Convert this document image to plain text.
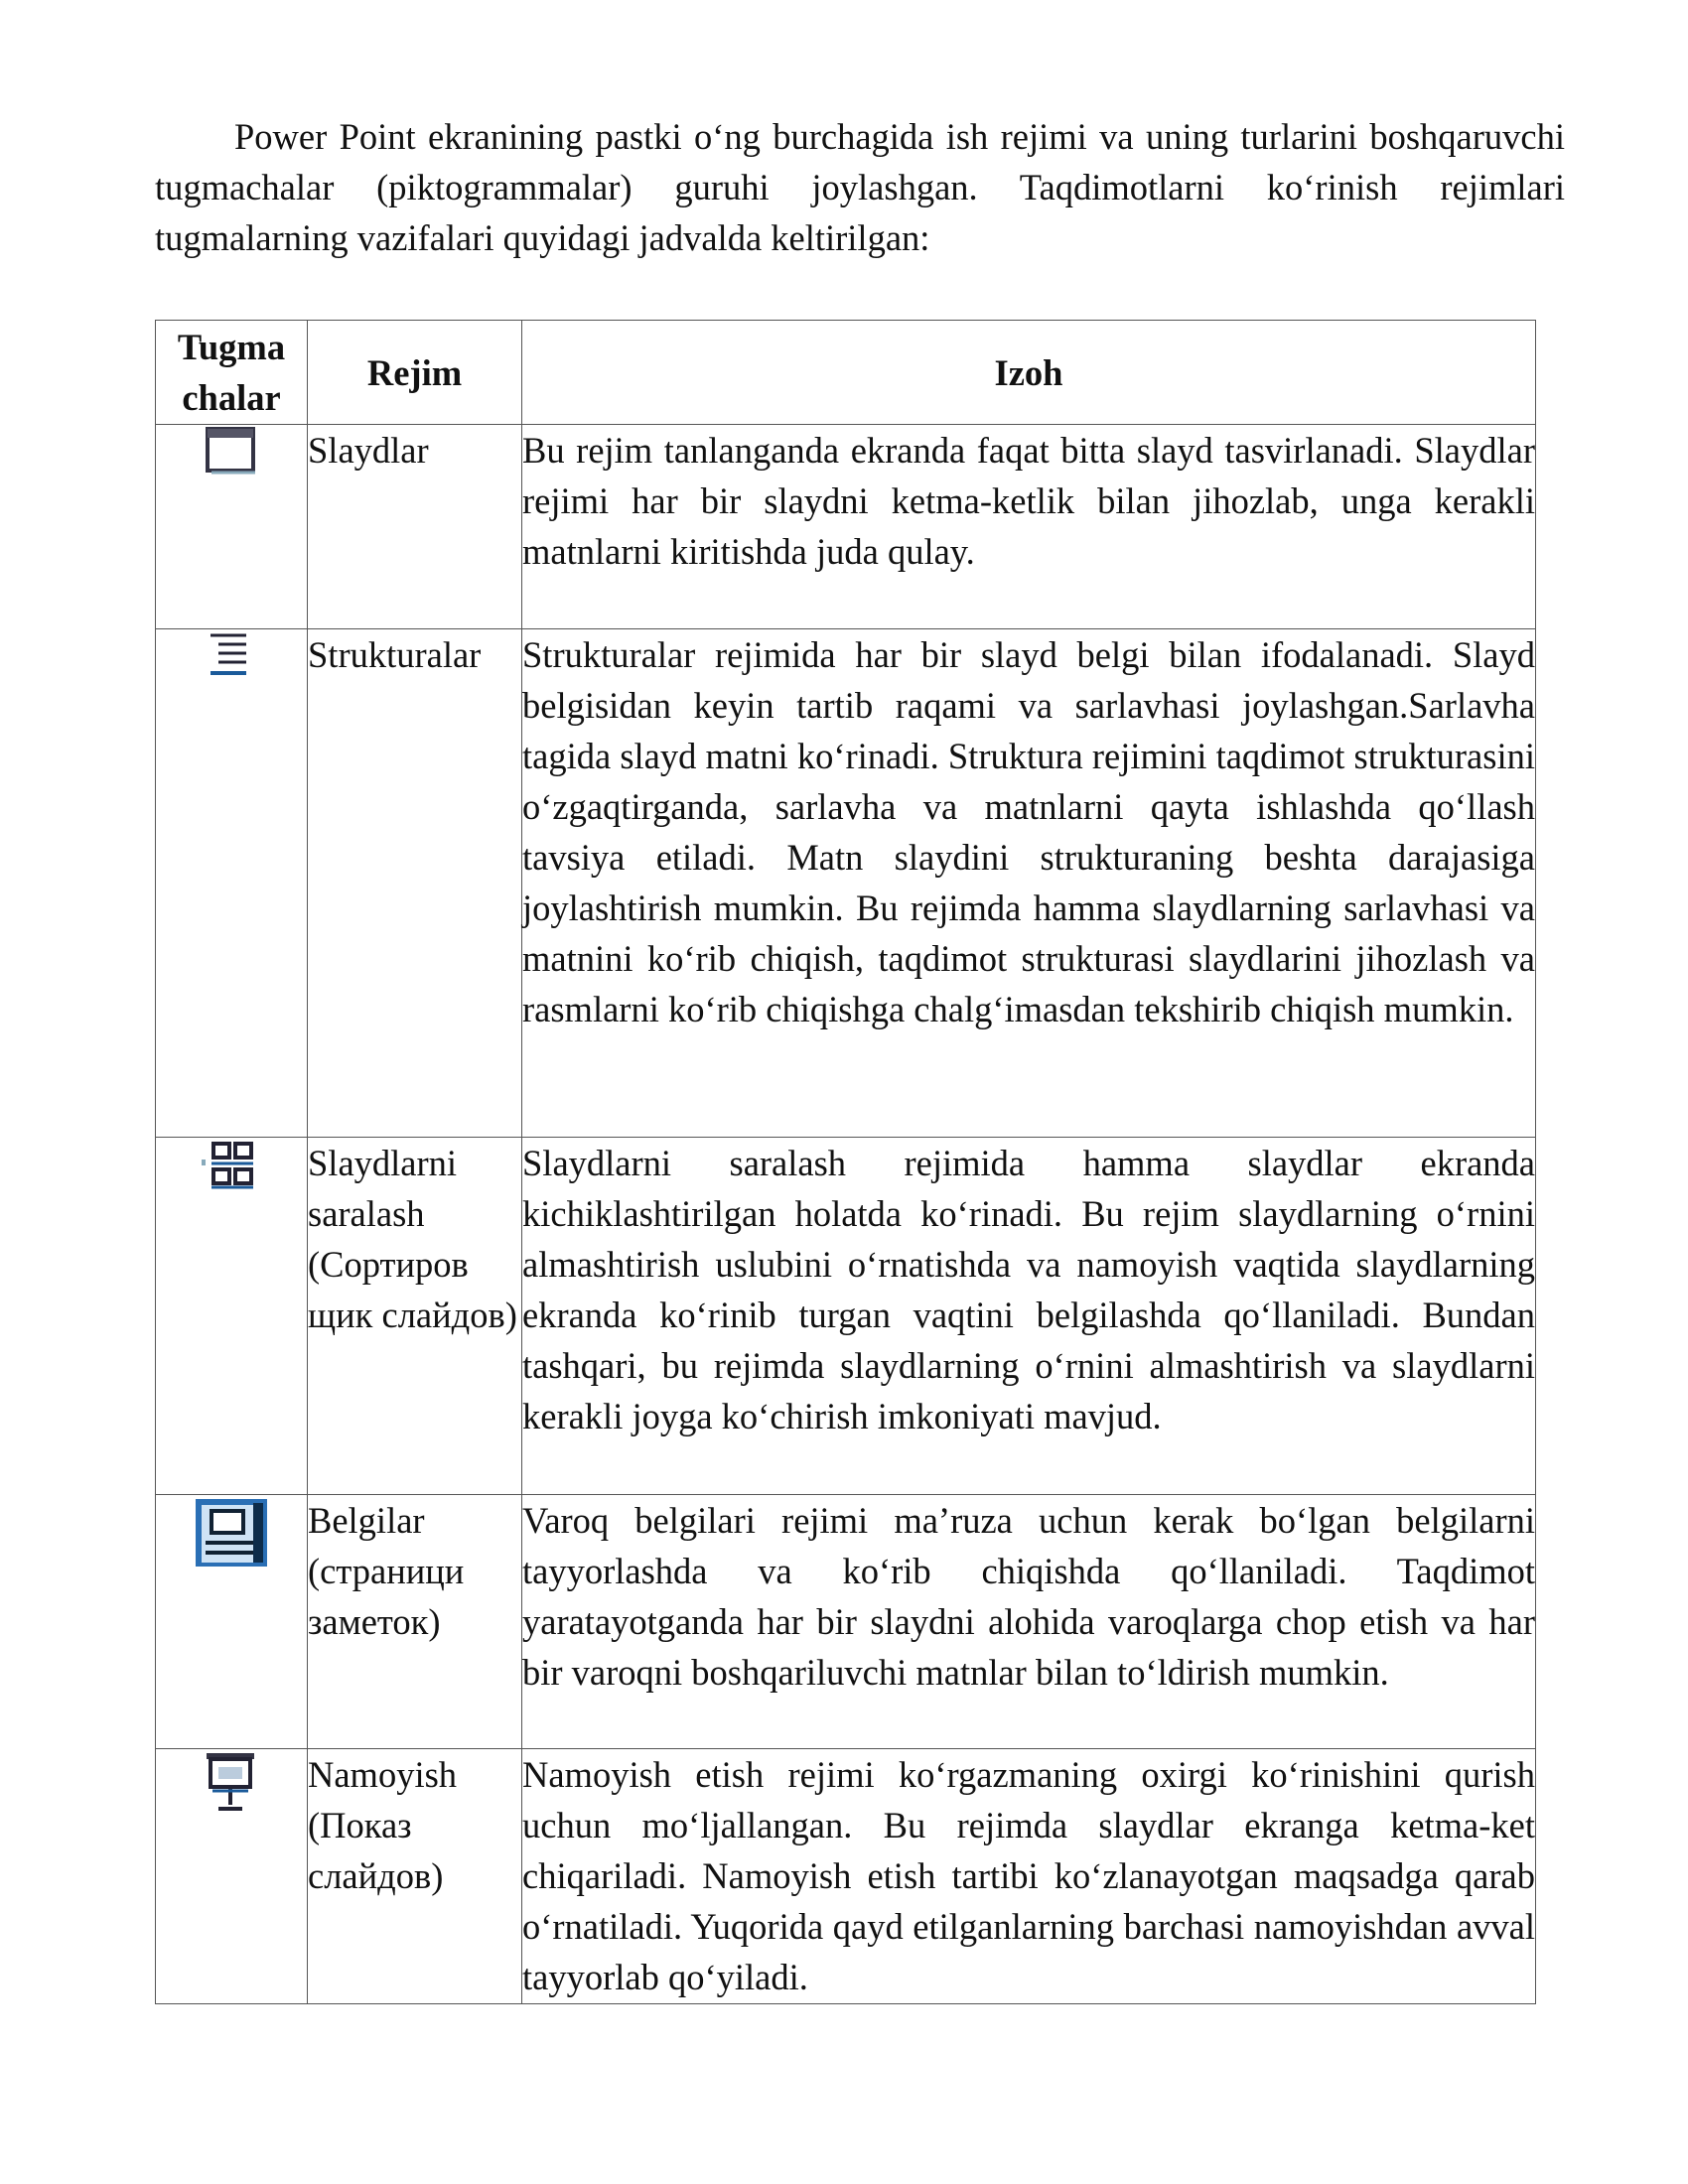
Power Point ekranining pastki o‘ng burchagida ish rejimi va uning turlarini boshqaruvchi tugmachalar (piktogrammalar) guruhi joylashgan. Taqdimotlarni ko‘rinish rejimlari tugmalarning vazifalari quyidagi jadvalda keltirilgan:

Tugma chalar	Rejim	Izoh

	Slaydlar	Bu rejim tanlanganda ekranda faqat bitta slayd tasvirlanadi. Slaydlar rejimi har bir slaydni ketma-ketlik bilan jihozlab, unga kerakli matnlarni kiritishda juda qulay.

	Strukturalar	Strukturalar rejimida har bir slayd belgi bilan ifodalanadi. Slayd belgisidan keyin tartib raqami va sarlavhasi joylashgan.Sarlavha tagida slayd matni ko‘rinadi. Struktura rejimini taqdimot strukturasini o‘zgaqtirganda, sarlavha va matnlarni qayta ishlashda qo‘llash tavsiya etiladi. Matn slaydini strukturaning beshta darajasiga joylashtirish mumkin. Bu rejimda hamma slaydlarning sarlavhasi va matnini ko‘rib chiqish, taqdimot strukturasi slaydlarini jihozlash va rasmlarni ko‘rib chiqishga chalg‘imasdan tekshirib chiqish mumkin.

	Slaydlarni saralash (Сортиров щик слайдов)	Slaydlarni saralash rejimida hamma slaydlar ekranda kichiklashtirilgan holatda ko‘rinadi. Bu rejim slaydlarning o‘rnini almashtirish uslubini o‘rnatishda va namoyish vaqtida slaydlarning ekranda ko‘rinib turgan vaqtini belgilashda qo‘llaniladi. Bundan tashqari, bu rejimda slaydlarning o‘rnini almashtirish va slaydlarni kerakli joyga ko‘chirish imkoniyati mavjud.

	Belgilar (страници заметок)	Varoq belgilari rejimi ma’ruza uchun kerak bo‘lgan belgilarni tayyorlashda va ko‘rib chiqishda qo‘llaniladi. Taqdimot yaratayotganda har bir slaydni alohida varoqlarga chop etish va har bir varoqni boshqariluvchi matnlar bilan to‘ldirish mumkin.

	Namoyish (Показ слайдов)	Namoyish etish rejimi ko‘rgazmaning oxirgi ko‘rinishini qurish uchun mo‘ljallangan. Bu rejimda slaydlar ekranga ketma-ket chiqariladi. Namoyish etish tartibi ko‘zlanayotgan maqsadga qarab o‘rnatiladi. Yuqorida qayd etilganlarning barchasi namoyishdan avval tayyorlab qo‘yiladi.
